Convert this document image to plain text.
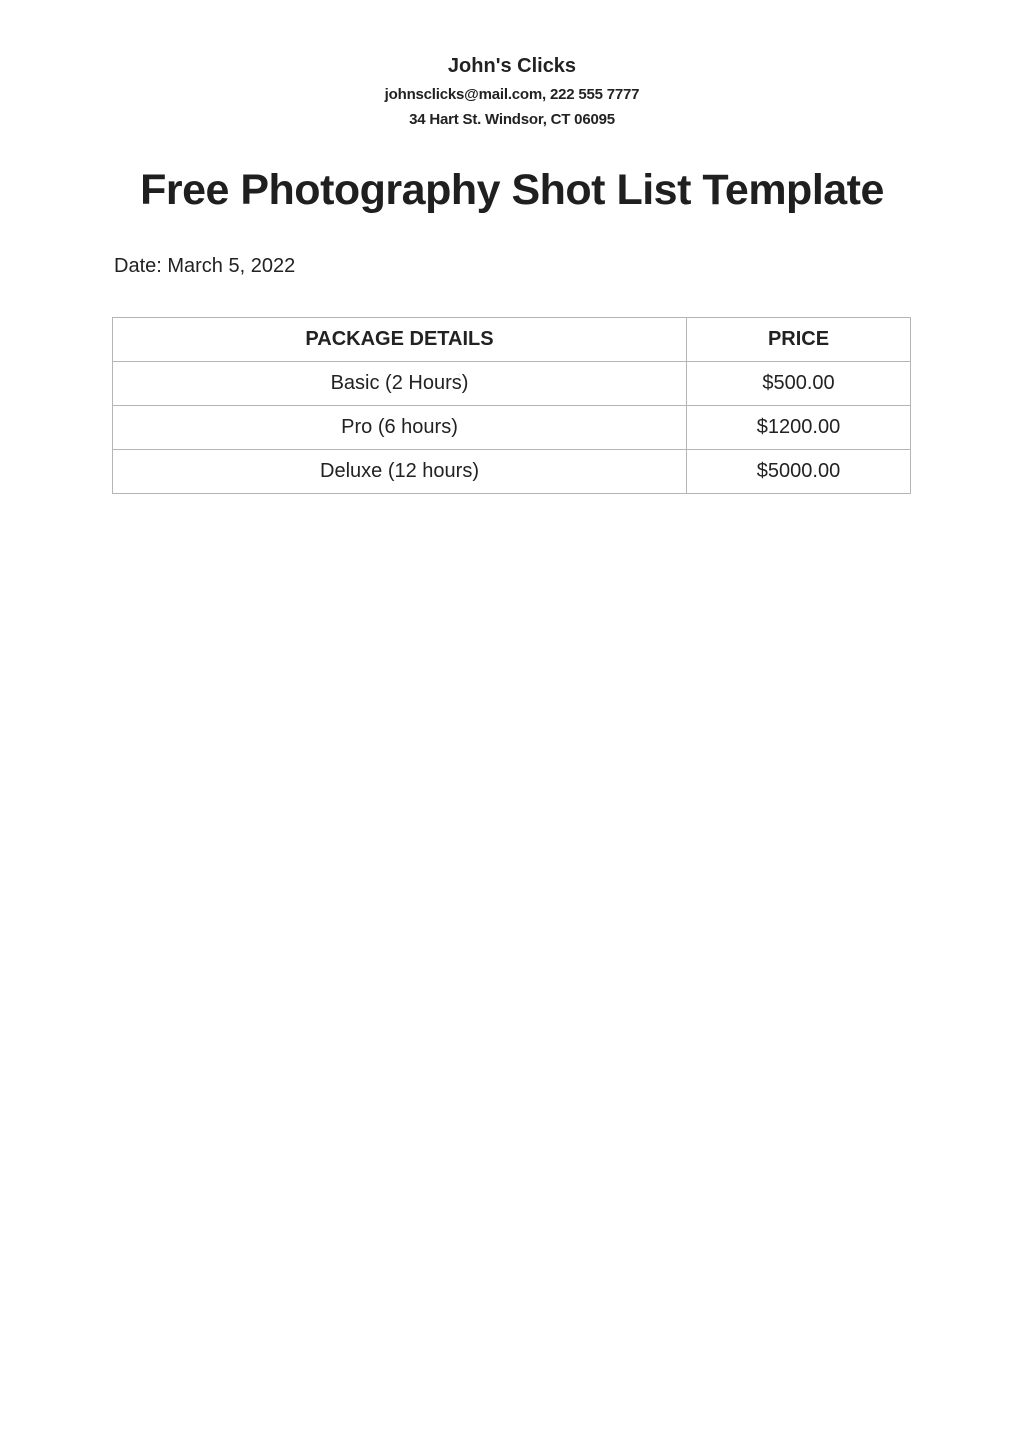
John's Clicks
johnsclicks@mail.com, 222 555 7777
34 Hart St. Windsor, CT 06095
Free Photography Shot List Template
Date: March 5, 2022
PACKAGE DETAILS	PRICE
Basic (2 Hours)	$500.00
Pro (6 hours)	$1200.00
Deluxe (12 hours)	$5000.00
